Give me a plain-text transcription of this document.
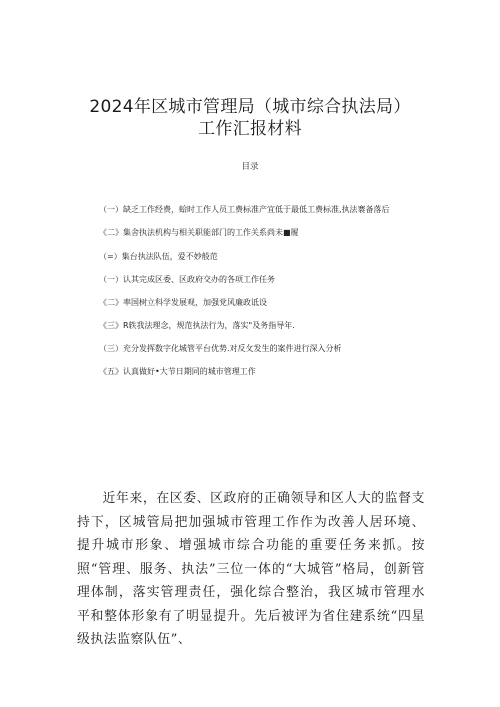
2024年区城市管理局（城市综合执法局）
工作汇报材料
目录
（一）缺乏工作经费，蛤时工作人员工费标准产宜低于最低工费标准,执法褰备落后
《二》集舍执法机构与相关职能部门的工作关系尚未■履
（=）集台执法队伍，爱不妙般范
（一）认其完成区委、区政府交办的各项工作任务
《二》率国树立科学发展观，加强党风廉政诋设
《三》R轶我法理念，规范执法行为，落实"及务指导年.
（三）充分发挥数字化城管平台优势.对反攵发生的案件进行深入分析
《五》认真做好•大节日期同的城市管理工作
近年来，在区委、区政府的正确领导和区人大的监督支持下，区城管局把加强城市管理工作作为改善人居环境、提升城市形象、增强城市综合功能的重要任务来抓。按照“管理、服务、执法”三位一体的“大城管”格局，创新管理体制，落实管理责任，强化综合整治，我区城市管理水平和整体形象有了明显提升。先后被评为省住建系统“四星级执法监察队伍”、
